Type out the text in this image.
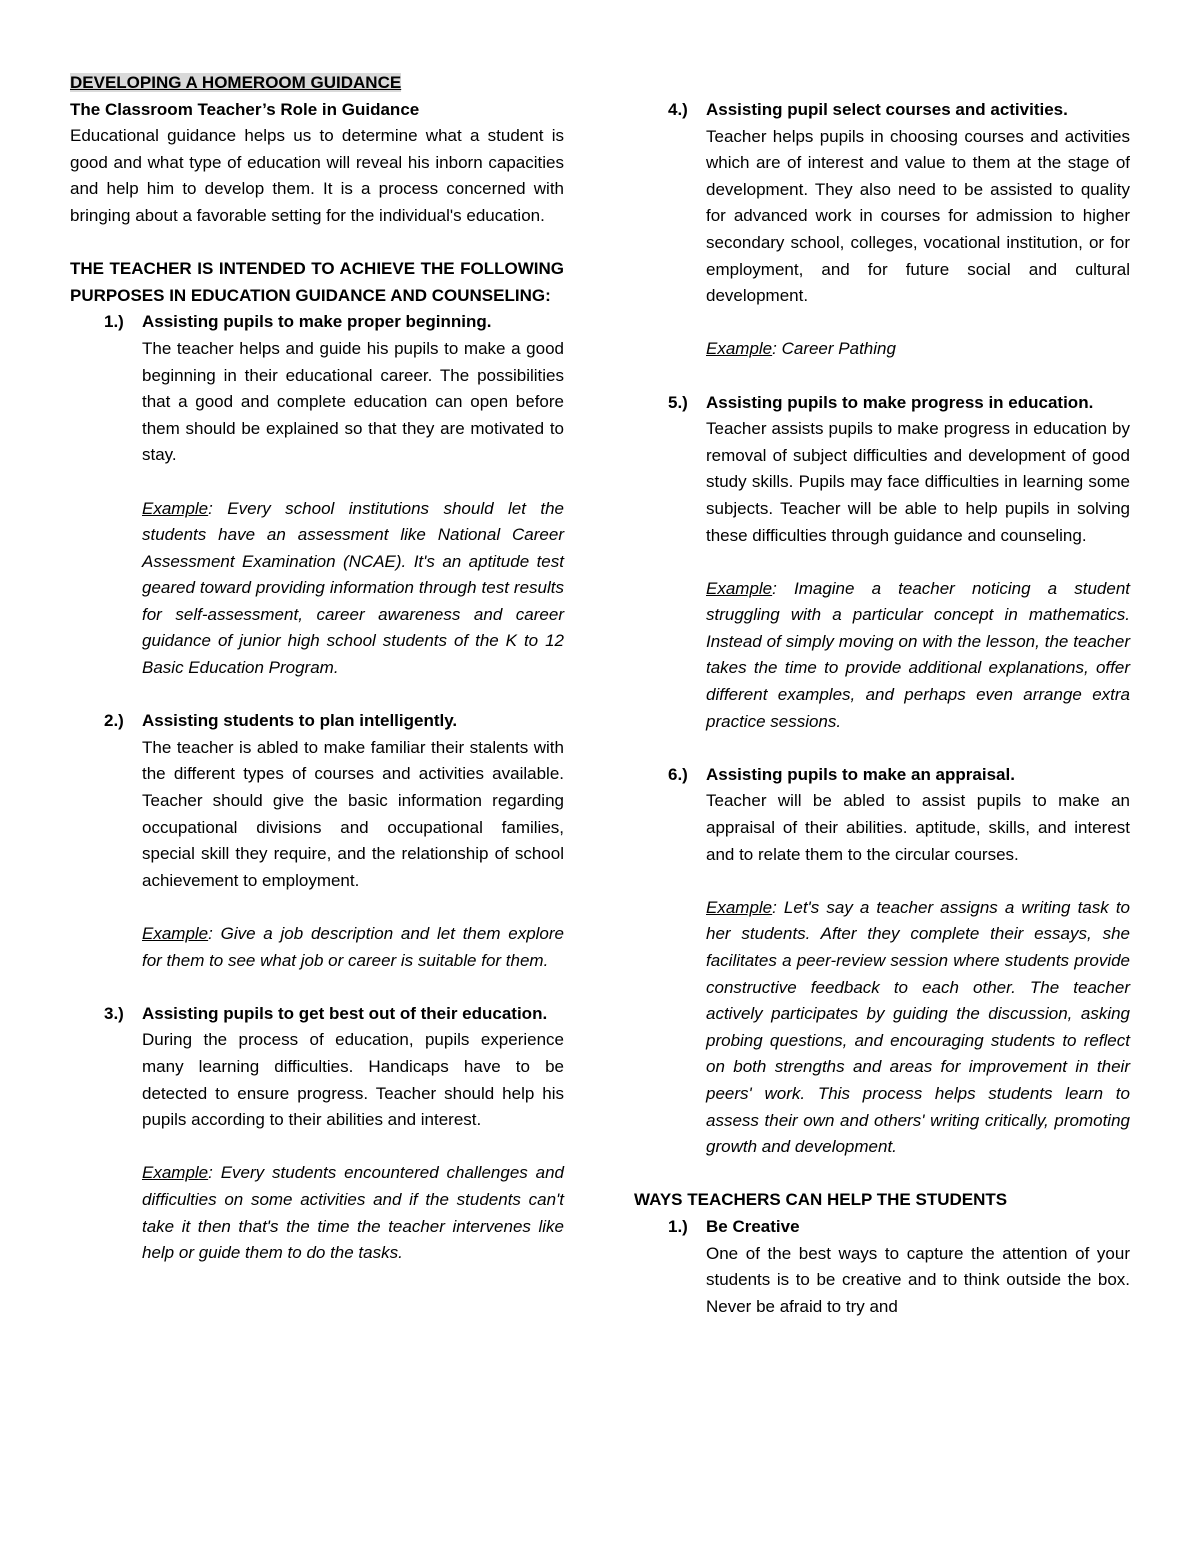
DEVELOPING A HOMEROOM GUIDANCE

The Classroom Teacher’s Role in Guidance

Educational guidance helps us to determine what a student is good and what type of education will reveal his inborn capacities and help him to develop them. It is a process concerned with bringing about a favorable setting for the individual's education.

THE TEACHER IS INTENDED TO ACHIEVE THE FOLLOWING PURPOSES IN EDUCATION GUIDANCE AND COUNSELING:

1.) Assisting pupils to make proper beginning.

The teacher helps and guide his pupils to make a good beginning in their educational career. The possibilities that a good and complete education can open before them should be explained so that they are motivated to stay.

Example: Every school institutions should let the students have an assessment like National Career Assessment Examination (NCAE). It's an aptitude test geared toward providing information through test results for self-assessment, career awareness and career guidance of junior high school students of the K to 12 Basic Education Program.

2.) Assisting students to plan intelligently.

The teacher is abled to make familiar their stalents with the different types of courses and activities available. Teacher should give the basic information regarding occupational divisions and occupational families, special skill they require, and the relationship of school achievement to employment.

Example: Give a job description and let them explore for them to see what job or career is suitable for them.

3.) Assisting pupils to get best out of their education.

During the process of education, pupils experience many learning difficulties. Handicaps have to be detected to ensure progress. Teacher should help his pupils according to their abilities and interest.

Example: Every students encountered challenges and difficulties on some activities and if the students can't take it then that's the time the teacher intervenes like help or guide them to do the tasks.

4.) Assisting pupil select courses and activities.

Teacher helps pupils in choosing courses and activities which are of interest and value to them at the stage of development. They also need to be assisted to quality for advanced work in courses for admission to higher secondary school, colleges, vocational institution, or for employment, and for future social and cultural development.

Example: Career Pathing

5.) Assisting pupils to make progress in education.

Teacher assists pupils to make progress in education by removal of subject difficulties and development of good study skills. Pupils may face difficulties in learning some subjects. Teacher will be able to help pupils in solving these difficulties through guidance and counseling.

Example: Imagine a teacher noticing a student struggling with a particular concept in mathematics. Instead of simply moving on with the lesson, the teacher takes the time to provide additional explanations, offer different examples, and perhaps even arrange extra practice sessions.

6.) Assisting pupils to make an appraisal.

Teacher will be abled to assist pupils to make an appraisal of their abilities. aptitude, skills, and interest and to relate them to the circular courses.

Example: Let's say a teacher assigns a writing task to her students. After they complete their essays, she facilitates a peer-review session where students provide constructive feedback to each other. The teacher actively participates by guiding the discussion, asking probing questions, and encouraging students to reflect on both strengths and areas for improvement in their peers' work. This process helps students learn to assess their own and others' writing critically, promoting growth and development.

WAYS TEACHERS CAN HELP THE STUDENTS

1.) Be Creative

One of the best ways to capture the attention of your students is to be creative and to think outside the box. Never be afraid to try and
